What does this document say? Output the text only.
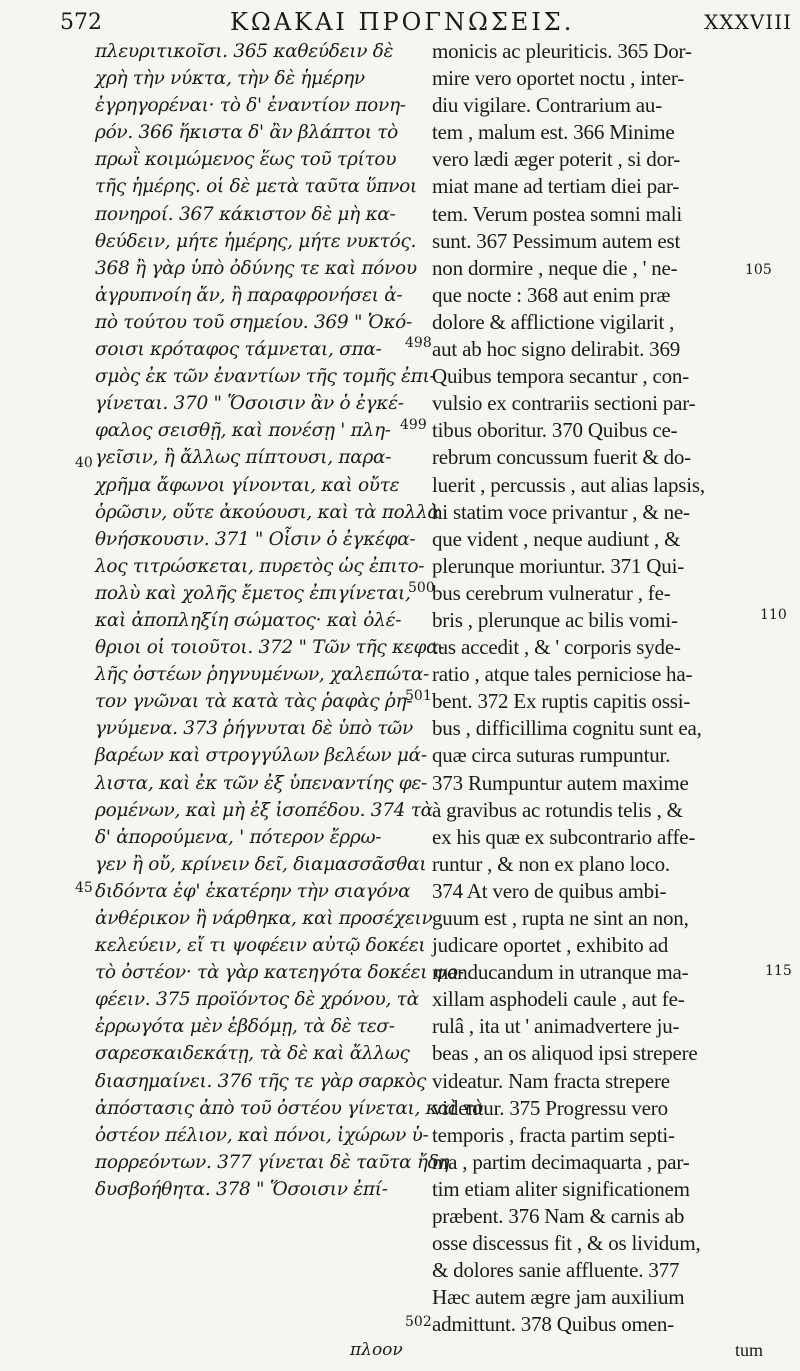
572	ΚΩΑΚΑΙ ΠΡΟΓΝΩΣΕΙΣ.	XXXVIII
105
498
499
40
500
110
501
45
115
502
πλευριτικοῖσι. 365 καθεύδειν δὲ
χρὴ τὴν νύκτα, τὴν δὲ ἡμέρην
ἐγρηγορέναι· τὸ δ' ἐναντίον πονη-
ρόν. 366 ἥκιστα δ' ἂν βλάπτοι τὸ
πρωῒ κοιμώμενος ἕως τοῦ τρίτου
τῆς ἡμέρης. οἱ δὲ μετὰ ταῦτα ὕπνοι
πονηροί. 367 κάκιστον δὲ μὴ κα-
θεύδειν, μήτε ἡμέρης, μήτε νυκτός.
368 ἢ γὰρ ὑπὸ ὀδύνης τε καὶ πόνου
ἀγρυπνοίη ἄν, ἢ παραφρονήσει ἀ-
πὸ τούτου τοῦ σημείου. 369 " Ὁκό-
σοισι κρόταφος τάμνεται, σπα-
σμὸς ἐκ τῶν ἐναντίων τῆς τομῆς ἐπι-
γίνεται. 370 " Ὅσοισιν ἂν ὁ ἐγκέ-
φαλος σεισθῇ, καὶ πονέσῃ ' πλη-
γεῖσιν, ἢ ἄλλως πίπτουσι, παρα-
χρῆμα ἄφωνοι γίνονται, καὶ οὔτε
ὁρῶσιν, οὔτε ἀκούουσι, καὶ τὰ πολλὰ
θνήσκουσιν. 371 " Οἷσιν ὁ ἐγκέφα-
λος τιτρώσκεται, πυρετὸς ὡς ἐπιτο-
πολὺ καὶ χολῆς ἔμετος ἐπιγίνεται,
καὶ ἀποπληξίη σώματος· καὶ ὀλέ-
θριοι οἱ τοιοῦτοι. 372 " Τῶν τῆς κεφα-
λῆς ὀστέων ῥηγνυμένων, χαλεπώτα-
τον γνῶναι τὰ κατὰ τὰς ῥαφὰς ῥη-
γνύμενα. 373 ῥήγνυται δὲ ὑπὸ τῶν
βαρέων καὶ στρογγύλων βελέων μά-
λιστα, καὶ ἐκ τῶν ἐξ ὑπεναντίης φε-
ρομένων, καὶ μὴ ἐξ ἰσοπέδου. 374 τὰ
δ' ἀπορούμενα, ' πότερον ἔρρω-
γεν ἢ οὔ, κρίνειν δεῖ, διαμασσᾶσθαι
διδόντα ἐφ' ἑκατέρην τὴν σιαγόνα
ἀνθέρικον ἢ νάρθηκα, καὶ προσέχειν
κελεύειν, εἴ τι ψοφέειν αὐτῷ δοκέει
τὸ ὀστέον· τὰ γὰρ κατεηγότα δοκέει ψο-
φέειν. 375 προϊόντος δὲ χρόνου, τὰ
ἐρρωγότα μὲν ἑβδόμῃ, τὰ δὲ τεσ-
σαρεσκαιδεκάτῃ, τὰ δὲ καὶ ἄλλως
διασημαίνει. 376 τῆς τε γὰρ σαρκὸς
ἀπόστασις ἀπὸ τοῦ ὀστέου γίνεται, καὶ τὸ
ὀστέον πέλιον, καὶ πόνοι, ἰχώρων ὑ-
πορρεόντων. 377 γίνεται δὲ ταῦτα ἤδη
δυσβοήθητα. 378 " Ὅσοισιν ἐπί-
monicis ac pleuriticis. 365 Dor-
mire vero oportet noctu , inter-
diu vigilare. Contrarium au-
tem , malum est. 366 Minime
vero lædi æger poterit , si dor-
miat mane ad tertiam diei par-
tem. Verum postea somni mali
sunt. 367 Pessimum autem est
non dormire , neque die , ' ne-
que nocte : 368 aut enim præ
dolore & afflictione vigilarit ,
aut ab hoc signo delirabit. 369
Quibus tempora secantur , con-
vulsio ex contrariis sectioni par-
tibus oboritur. 370 Quibus ce-
rebrum concussum fuerit & do-
luerit , percussis , aut alias lapsis,
hi statim voce privantur , & ne-
que vident , neque audiunt , &
plerunque moriuntur. 371 Qui-
bus cerebrum vulneratur , fe-
bris , plerunque ac bilis vomi-
tus accedit , & ' corporis syde-
ratio , atque tales perniciose ha-
bent. 372 Ex ruptis capitis ossi-
bus , difficillima cognitu sunt ea,
quæ circa suturas rumpuntur.
373 Rumpuntur autem maxime
à gravibus ac rotundis telis , &
ex his quæ ex subcontrario affe-
runtur , & non ex plano loco.
374 At vero de quibus ambi-
guum est , rupta ne sint an non,
judicare oportet , exhibito ad
manducandum in utranque ma-
xillam asphodeli caule , aut fe-
rulâ , ita ut ' animadvertere ju-
beas , an os aliquod ipsi strepere
videatur. Nam fracta strepere
videntur. 375 Progressu vero
temporis , fracta partim septi-
ma , partim decimaquarta , par-
tim etiam aliter significationem
præbent. 376 Nam & carnis ab
osse discessus fit , & os lividum,
& dolores sanie affluente. 377
Hæc autem ægre jam auxilium
admittunt. 378 Quibus omen-
πλοον	tum
